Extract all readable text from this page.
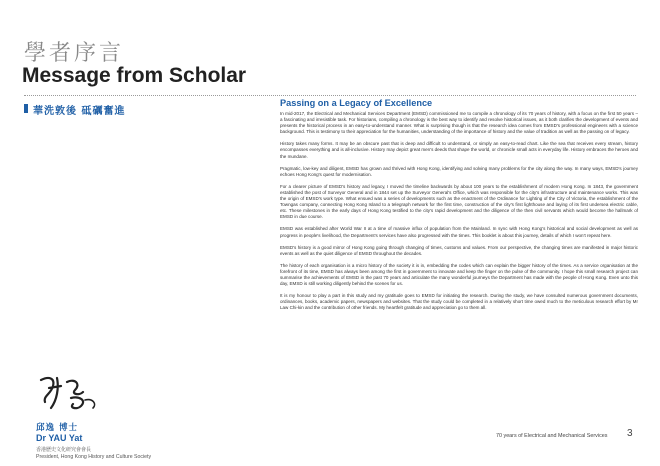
學者序言
Message from Scholar
華洗敦後 砥礪奮進

邱逸 博士

Dr YAU Yat

香港歷史文化研究會會長

President, Hong Kong History and Culture Society

Passing on a Legacy of Excellence

In mid-2017, the Electrical and Mechanical Services Department (EMSD) commissioned me to compile a chronology of its 70 years of history, with a focus on the first 50 years – a fascinating and irresistible task. For historians, compiling a chronology is the best way to identify and resolve historical issues, as it both clarifies the development of events and presents the historical process in an easy-to-understand manner. What is surprising though is that the research idea comes from EMSD's professional engineers with a science background. This is testimony to their appreciation for the humanities, understanding of the importance of history and the value of tradition as well as the passing on of legacy.

History takes many forms. It may be an obscure past that is deep and difficult to understand, or simply an easy-to-read chart. Like the sea that receives every stream, history encompasses everything and is all-inclusive. History may depict great men's deeds that shape the world, or chronicle small acts in everyday life. History embraces the heroes and the mundane.

Pragmatic, low-key and diligent, EMSD has grown and thrived with Hong Kong, identifying and solving many problems for the city along the way. In many ways, EMSD's journey echoes Hong Kong's quest for modernisation.

For a clearer picture of EMSD's history and legacy, I moved the timeline backwards by about 100 years to the establishment of modern Hong Kong. In 1843, the government established the post of Surveyor General and in 1844 set up the Surveyor General's Office, which was responsible for the city's infrastructure and maintenance works. This was the origin of EMSD's work type. What ensued was a series of developments such as the enactment of the Ordinance for Lighting of the City of Victoria, the establishment of the Towngas company, connecting Hong Kong Island to a telegraph network for the first time, construction of the city's first lighthouse and laying of its first undersea electric cable, etc. These milestones in the early days of Hong Kong testified to the city's rapid development and the diligence of the then civil servants which would become the hallmark of EMSD in due course.

EMSD was established after World War II at a time of massive influx of population from the Mainland. In sync with Hong Kong's historical and social development as well as progress in people's livelihood, the Department's services have also progressed with the times. This booklet is about this journey, details of which I won't repeat here.

EMSD's history is a good mirror of Hong Kong going through changing of times, customs and values. From our perspective, the changing times are manifested in major historic events as well as the quiet diligence of EMSD throughout the decades.

The history of each organisation is a micro history of the society it is in, embedding the codes which can explain the bigger history of the times. As a service organisation at the forefront of its time, EMSD has always been among the first in government to innovate and keep the finger on the pulse of the community. I hope this small research project can summarise the achievements of EMSD in the past 70 years and articulate the many wonderful journeys the Department has made with the people of Hong Kong. Even unto this day, EMSD is still working diligently behind the scenes for us.

It is my honour to play a part in this study and my gratitude goes to EMSD for initiating the research. During the study, we have consulted numerous government documents, ordinances, books, academic papers, newspapers and websites. That the study could be completed in a relatively short time owed much to the meticulous research effort by Mr Law Chi-kin and the contribution of other friends. My heartfelt gratitude and appreciation go to them all.

70 years of Electrical and Mechanical Services 3
